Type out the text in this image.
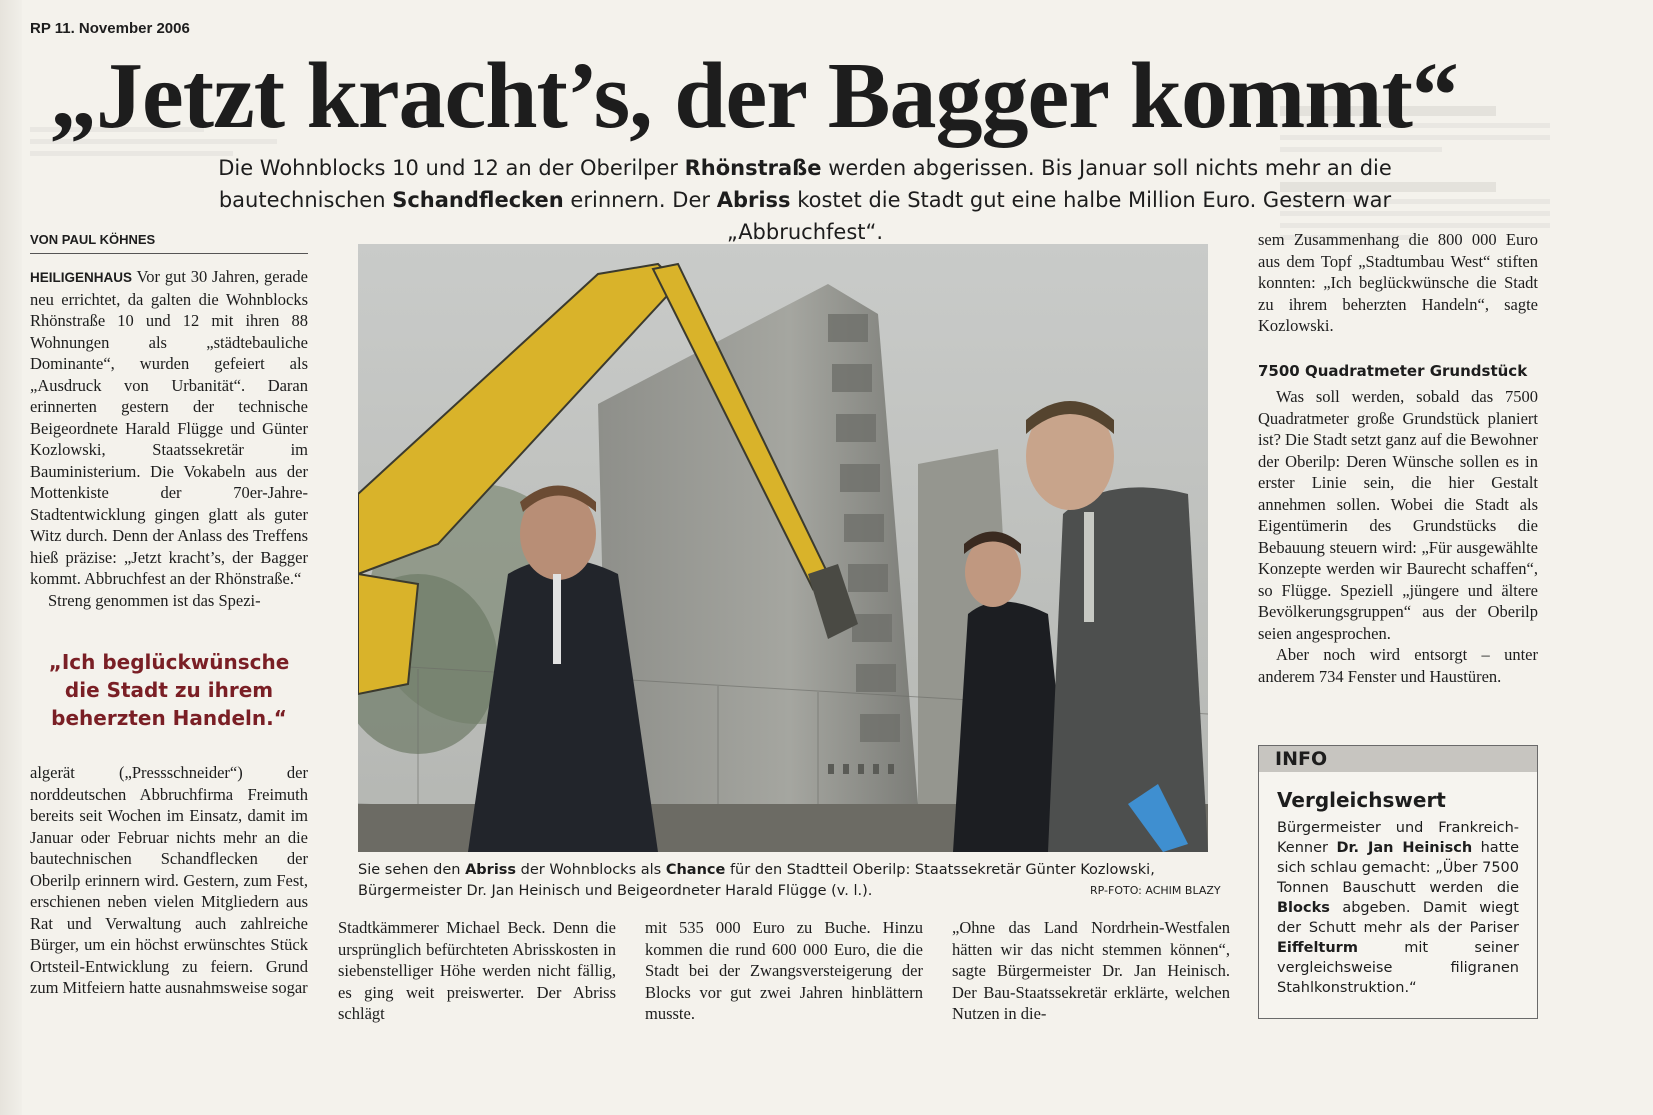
RP 11. November 2006
„Jetzt kracht’s, der Bagger kommt“
Die Wohnblocks 10 und 12 an der Oberilper Rhönstraße werden abgerissen. Bis Januar soll nichts mehr an die
bautechnischen Schandflecken erinnern. Der Abriss kostet die Stadt gut eine halbe Million Euro. Gestern war „Abbruchfest“.
VON PAUL KÖHNES

HEILIGENHAUS Vor gut 30 Jahren, gerade neu errichtet, da galten die Wohnblocks Rhönstraße 10 und 12 mit ihren 88 Wohnungen als „städtebauliche Dominante“, wurden gefeiert als „Ausdruck von Urbanität“. Daran erinnerten gestern der technische Beigeordnete Harald Flügge und Günter Kozlowski, Staatssekretär im Bauministerium. Die Vokabeln aus der Mottenkiste der 70er-Jahre-Stadtentwicklung gingen glatt als guter Witz durch. Denn der Anlass des Treffens hieß präzise: „Jetzt kracht’s, der Bagger kommt. Abbruchfest an der Rhönstraße.“

Streng genommen ist das Spezi-

„Ich beglückwünsche die Stadt zu ihrem beherzten Handeln.“

algerät („Pressschneider“) der norddeutschen Abbruchfirma Freimuth bereits seit Wochen im Einsatz, damit im Januar oder Februar nichts mehr an die bautechnischen Schandflecken der Oberilp erinnern wird. Gestern, zum Fest, erschienen neben vielen Mitgliedern aus Rat und Verwaltung auch zahlreiche Bürger, um ein höchst erwünschtes Stück Ortsteil-Entwicklung zu feiern. Grund zum Mitfeiern hatte ausnahmsweise sogar

Sie sehen den Abriss der Wohnblocks als Chance für den Stadtteil Oberilp: Staatssekretär Günter Kozlowski, Bürgermeister Dr. Jan Heinisch und Beigeordneter Harald Flügge (v. l.).	RP-FOTO: ACHIM BLAZY

Stadtkämmerer Michael Beck. Denn die ursprünglich befürchteten Abrisskosten in siebenstelliger Höhe werden nicht fällig, es ging weit preiswerter. Der Abriss schlägt

mit 535 000 Euro zu Buche. Hinzu kommen die rund 600 000 Euro, die die Stadt bei der Zwangsversteigerung der Blocks vor gut zwei Jahren hinblättern musste.

„Ohne das Land Nordrhein-Westfalen hätten wir das nicht stemmen können“, sagte Bürgermeister Dr. Jan Heinisch. Der Bau-Staatssekretär erklärte, welchen Nutzen in die-

sem Zusammenhang die 800 000 Euro aus dem Topf „Stadtumbau West“ stiften konnten: „Ich beglückwünsche die Stadt zu ihrem beherzten Handeln“, sagte Kozlowski.

7500 Quadratmeter Grundstück

Was soll werden, sobald das 7500 Quadratmeter große Grundstück planiert ist? Die Stadt setzt ganz auf die Bewohner der Oberilp: Deren Wünsche sollen es in erster Linie sein, die hier Gestalt annehmen sollen. Wobei die Stadt als Eigentümerin des Grundstücks die Bebauung steuern wird: „Für ausgewählte Konzepte werden wir Baurecht schaffen“, so Flügge. Speziell „jüngere und ältere Bevölkerungsgruppen“ aus der Oberilp seien angesprochen.

Aber noch wird entsorgt – unter anderem 734 Fenster und Haustüren.

INFO
Vergleichswert
Bürgermeister und Frankreich-Kenner Dr. Jan Heinisch hatte sich schlau gemacht: „Über 7500 Tonnen Bauschutt werden die Blocks abgeben. Damit wiegt der Schutt mehr als der Pariser Eiffelturm mit seiner vergleichsweise filigranen Stahlkonstruktion.“
